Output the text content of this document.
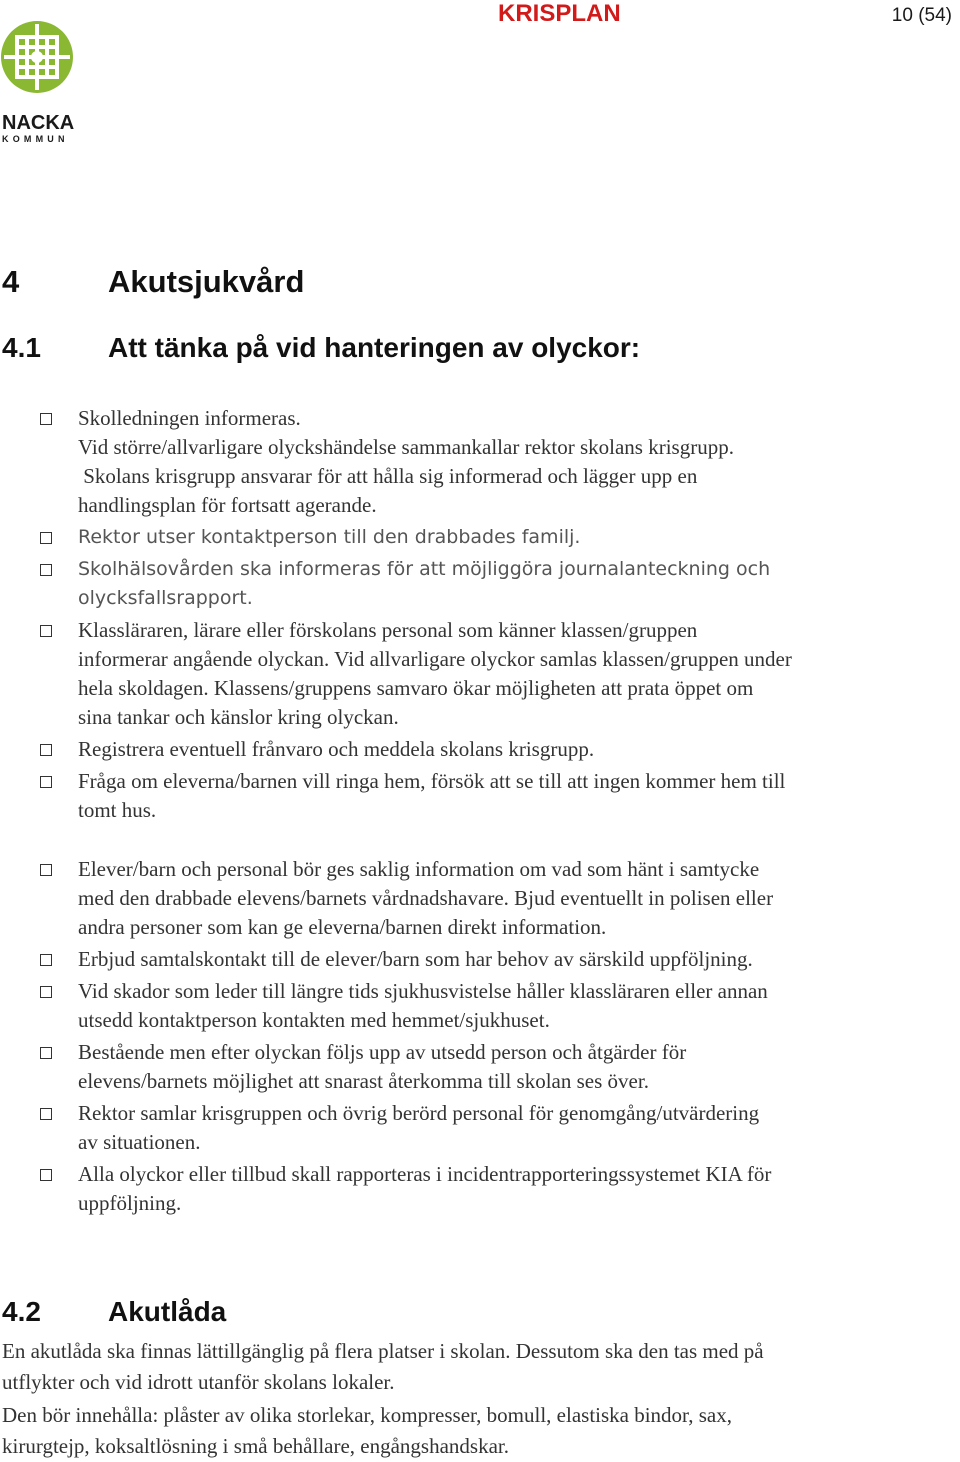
KRISPLAN	10 (54)
NACKA
KOMMUN
4	Akutsjukvård
4.1 Att tänka på vid hanteringen av olyckor:
Skolledningen informeras.
Vid större/allvarligare olyckshändelse sammankallar rektor skolans krisgrupp.
Skolans krisgrupp ansvarar för att hålla sig informerad och lägger upp en
handlingsplan för fortsatt agerande.
Rektor utser kontaktperson till den drabbades familj.
Skolhälsovården ska informeras för att möjliggöra journalanteckning och
olycksfallsrapport.
Klassläraren, lärare eller förskolans personal som känner klassen/gruppen
informerar angående olyckan. Vid allvarligare olyckor samlas klassen/gruppen under
hela skoldagen. Klassens/gruppens samvaro ökar möjligheten att prata öppet om
sina tankar och känslor kring olyckan.
Registrera eventuell frånvaro och meddela skolans krisgrupp.
Fråga om eleverna/barnen vill ringa hem, försök att se till att ingen kommer hem till
tomt hus.
Elever/barn och personal bör ges saklig information om vad som hänt i samtycke
med den drabbade elevens/barnets vårdnadshavare. Bjud eventuellt in polisen eller
andra personer som kan ge eleverna/barnen direkt information.
Erbjud samtalskontakt till de elever/barn som har behov av särskild uppföljning.
Vid skador som leder till längre tids sjukhusvistelse håller klassläraren eller annan
utsedd kontaktperson kontakten med hemmet/sjukhuset.
Bestående men efter olyckan följs upp av utsedd person och åtgärder för
elevens/barnets möjlighet att snarast återkomma till skolan ses över.
Rektor samlar krisgruppen och övrig berörd personal för genomgång/utvärdering
av situationen.
Alla olyckor eller tillbud skall rapporteras i incidentrapporteringssystemet KIA för
uppföljning.
4.2 Akutlåda
En akutlåda ska finnas lättillgänglig på flera platser i skolan. Dessutom ska den tas med på
utflykter och vid idrott utanför skolans lokaler.
Den bör innehålla: plåster av olika storlekar, kompresser, bomull, elastiska bindor, sax,
kirurgtejp, koksaltlösning i små behållare, engångshandskar.
